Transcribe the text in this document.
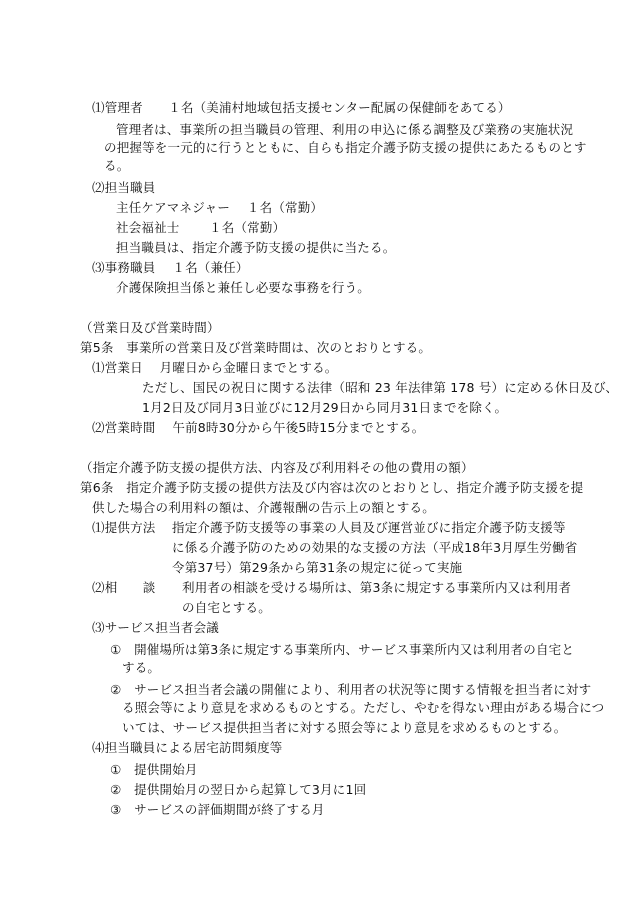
⑴管理者　　１名（美浦村地域包括支援センター配属の保健師をあてる）
管理者は、事業所の担当職員の管理、利用の申込に係る調整及び業務の実施状況
の把握等を一元的に行うとともに、自らも指定介護予防支援の提供にあたるものとす
る。
⑵担当職員
主任ケアマネジャー　 １名（常勤）
社会福祉士　　 １名（常勤）
担当職員は、指定介護予防支援の提供に当たる。
⑶事務職員　 １名（兼任）
介護保険担当係と兼任し必要な事務を行う。
（営業日及び営業時間）
第5条　事業所の営業日及び営業時間は、次のとおりとする。
⑴営業日　 月曜日から金曜日までとする。
ただし、国民の祝日に関する法律（昭和 23 年法律第 178 号）に定める休日及び、
1月2日及び同月3日並びに12月29日から同月31日までを除く。
⑵営業時間　 午前8時30分から午後5時15分までとする。
（指定介護予防支援の提供方法、内容及び利用料その他の費用の額）
第6条　指定介護予防支援の提供方法及び内容は次のとおりとし、指定介護予防支援を提
供した場合の利用料の額は、介護報酬の告示上の額とする。
⑴提供方法 指定介護予防支援等の事業の人員及び運営並びに指定介護予防支援等
に係る介護予防のための効果的な支援の方法（平成18年3月厚生労働省
令第37号）第29条から第31条の規定に従って実施
⑵相　　談 利用者の相談を受ける場所は、第3条に規定する事業所内又は利用者
の自宅とする。
⑶サービス担当者会議
①　開催場所は第3条に規定する事業所内、サービス事業所内又は利用者の自宅と
する。
②　サービス担当者会議の開催により、利用者の状況等に関する情報を担当者に対す
る照会等により意見を求めるものとする。ただし、やむを得ない理由がある場合につ
いては、サービス提供担当者に対する照会等により意見を求めるものとする。
⑷担当職員による居宅訪問頻度等
①　提供開始月
②　提供開始月の翌日から起算して3月に1回
③　サービスの評価期間が終了する月
